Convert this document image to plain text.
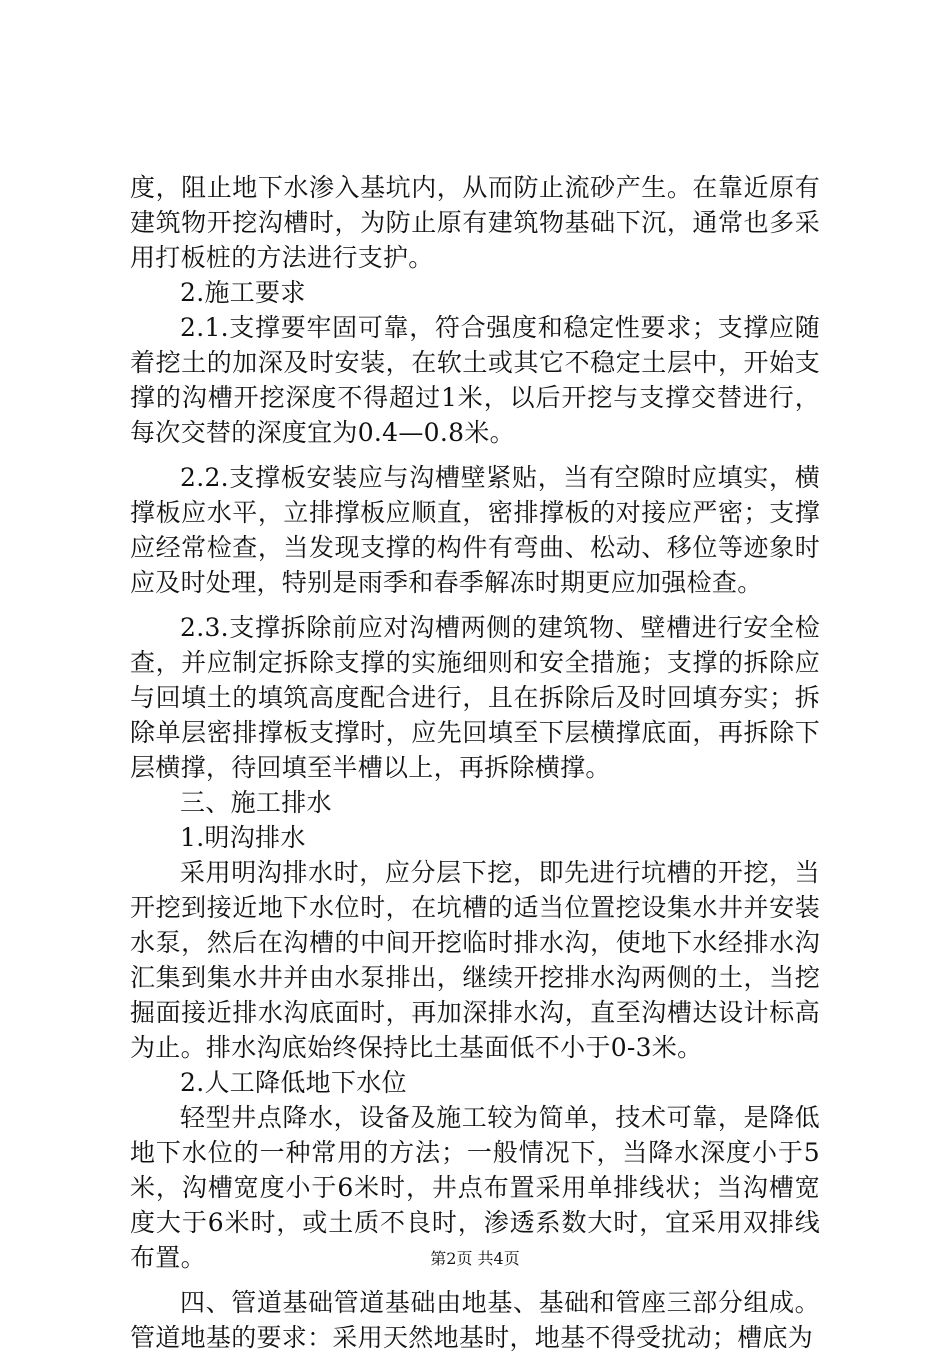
度，阻止地下水渗入基坑内，从而防止流砂产生。在靠近原有建筑物开挖沟槽时，为防止原有建筑物基础下沉，通常也多采用打板桩的方法进行支护。

2.施工要求

2.1.支撑要牢固可靠，符合强度和稳定性要求；支撑应随着挖土的加深及时安装，在软土或其它不稳定土层中，开始支撑的沟槽开挖深度不得超过1米，以后开挖与支撑交替进行，每次交替的深度宜为0.4—0.8米。

2.2.支撑板安装应与沟槽壁紧贴，当有空隙时应填实，横撑板应水平，立排撑板应顺直，密排撑板的对接应严密；支撑应经常检查，当发现支撑的构件有弯曲、松动、移位等迹象时应及时处理，特别是雨季和春季解冻时期更应加强检查。

2.3.支撑拆除前应对沟槽两侧的建筑物、壁槽进行安全检查，并应制定拆除支撑的实施细则和安全措施；支撑的拆除应与回填土的填筑高度配合进行，且在拆除后及时回填夯实；拆除单层密排撑板支撑时，应先回填至下层横撑底面，再拆除下层横撑，待回填至半槽以上，再拆除横撑。

三、施工排水

1.明沟排水

采用明沟排水时，应分层下挖，即先进行坑槽的开挖，当开挖到接近地下水位时，在坑槽的适当位置挖设集水井并安装水泵，然后在沟槽的中间开挖临时排水沟，使地下水经排水沟汇集到集水井并由水泵排出，继续开挖排水沟两侧的土，当挖掘面接近排水沟底面时，再加深排水沟，直至沟槽达设计标高为止。排水沟底始终保持比土基面低不小于0-3米。

2.人工降低地下水位

轻型井点降水，设备及施工较为简单，技术可靠，是降低地下水位的一种常用的方法；一般情况下，当降水深度小于5米，沟槽宽度小于6米时，井点布置采用单排线状；当沟槽宽度大于6米时，或土质不良时，渗透系数大时，宜采用双排线布置。

四、管道基础管道基础由地基、基础和管座三部分组成。管道地基的要求：采用天然地基时，地基不得受扰动；槽底为

第2页 共4页
